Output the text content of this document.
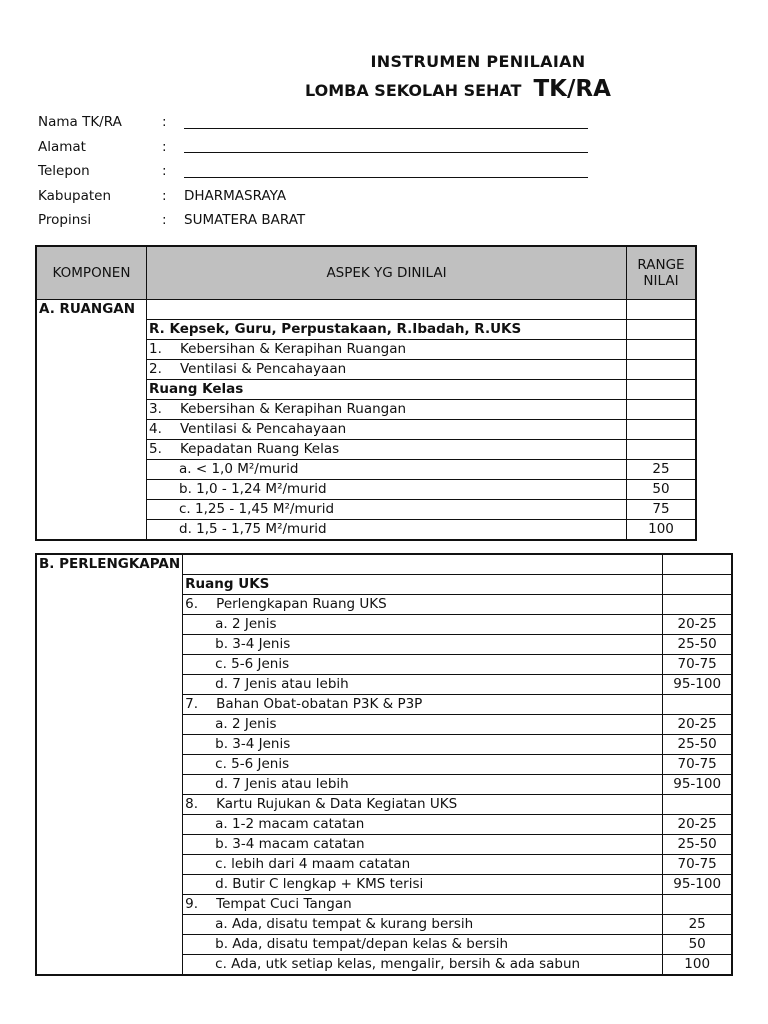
INSTRUMEN PENILAIAN
LOMBA SEKOLAH SEHAT TK/RA
Nama TK/RA	:
Alamat	:
Telepon	:
Kabupaten	:	DHARMASRAYA
Propinsi	:	SUMATERA BARAT
KOMPONEN	ASPEK YG DINILAI	RANGE
NILAI
A. RUANGAN		
	R. Kepsek, Guru, Perpustakaan, R.Ibadah, R.UKS	
	1. Kebersihan & Kerapihan Ruangan	
	2. Ventilasi & Pencahayaan	
	Ruang Kelas	
	3. Kebersihan & Kerapihan Ruangan	
	4. Ventilasi & Pencahayaan	
	5. Kepadatan Ruang Kelas	
	a. < 1,0 M²/murid	25
	b. 1,0 - 1,24 M²/murid	50
	c. 1,25 - 1,45 M²/murid	75
	d. 1,5 - 1,75 M²/murid	100
B. PERLENGKAPAN		
	Ruang UKS	
	6. Perlengkapan Ruang UKS	
	a. 2 Jenis	20-25
	b. 3-4 Jenis	25-50
	c. 5-6 Jenis	70-75
	d. 7 Jenis atau lebih	95-100
	7. Bahan Obat-obatan P3K & P3P	
	a. 2 Jenis	20-25
	b. 3-4 Jenis	25-50
	c. 5-6 Jenis	70-75
	d. 7 Jenis atau lebih	95-100
	8. Kartu Rujukan & Data Kegiatan UKS	
	a. 1-2 macam catatan	20-25
	b. 3-4 macam catatan	25-50
	c. lebih dari 4 maam catatan	70-75
	d. Butir C lengkap + KMS terisi	95-100
	9. Tempat Cuci Tangan	
	a. Ada, disatu tempat & kurang bersih	25
	b. Ada, disatu tempat/depan kelas & bersih	50
	c. Ada, utk setiap kelas, mengalir, bersih & ada sabun	100
